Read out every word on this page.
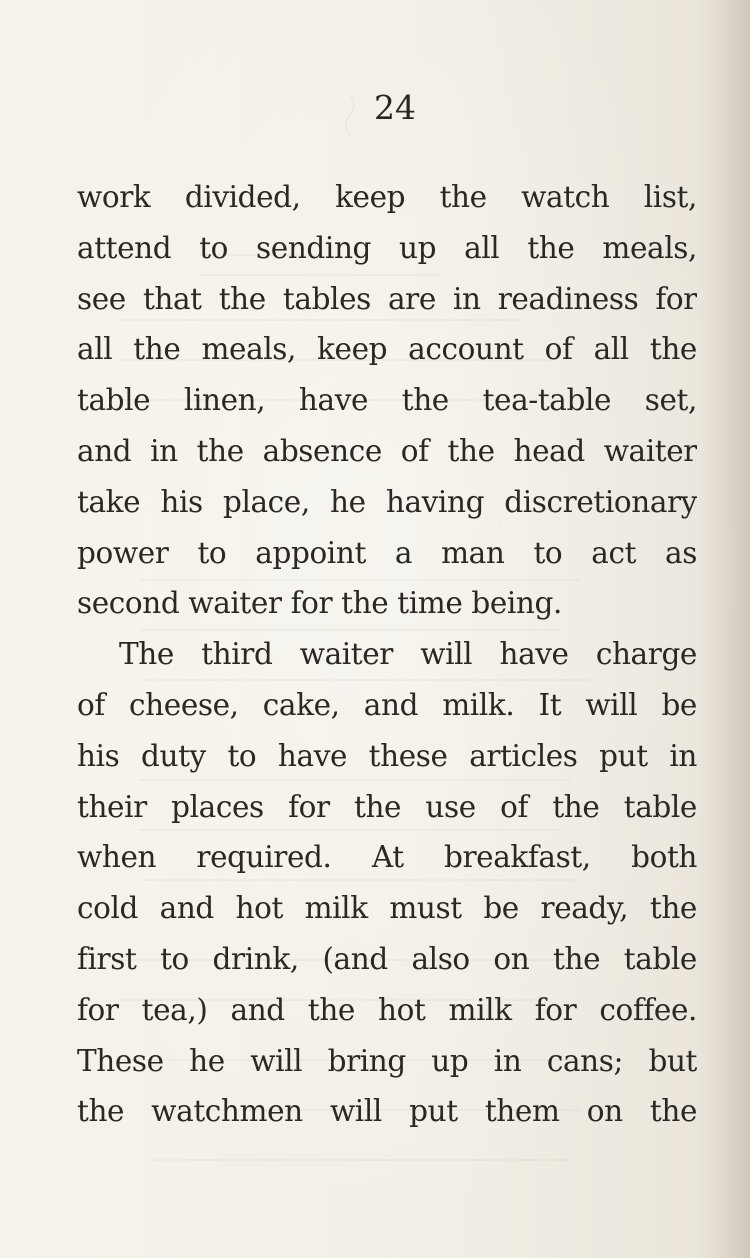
24

work divided, keep the watch list,
attend to sending up all the meals,
see that the tables are in readiness for
all the meals, keep account of all the
table linen, have the tea-table set,
and in the absence of the head waiter
take his place, he having discretionary
power to appoint a man to act as
second waiter for the time being.
The third waiter will have charge
of cheese, cake, and milk. It will be
his duty to have these articles put in
their places for the use of the table
when required. At breakfast, both
cold and hot milk must be ready, the
first to drink, (and also on the table
for tea,) and the hot milk for coffee.
These he will bring up in cans; but
the watchmen will put them on the
